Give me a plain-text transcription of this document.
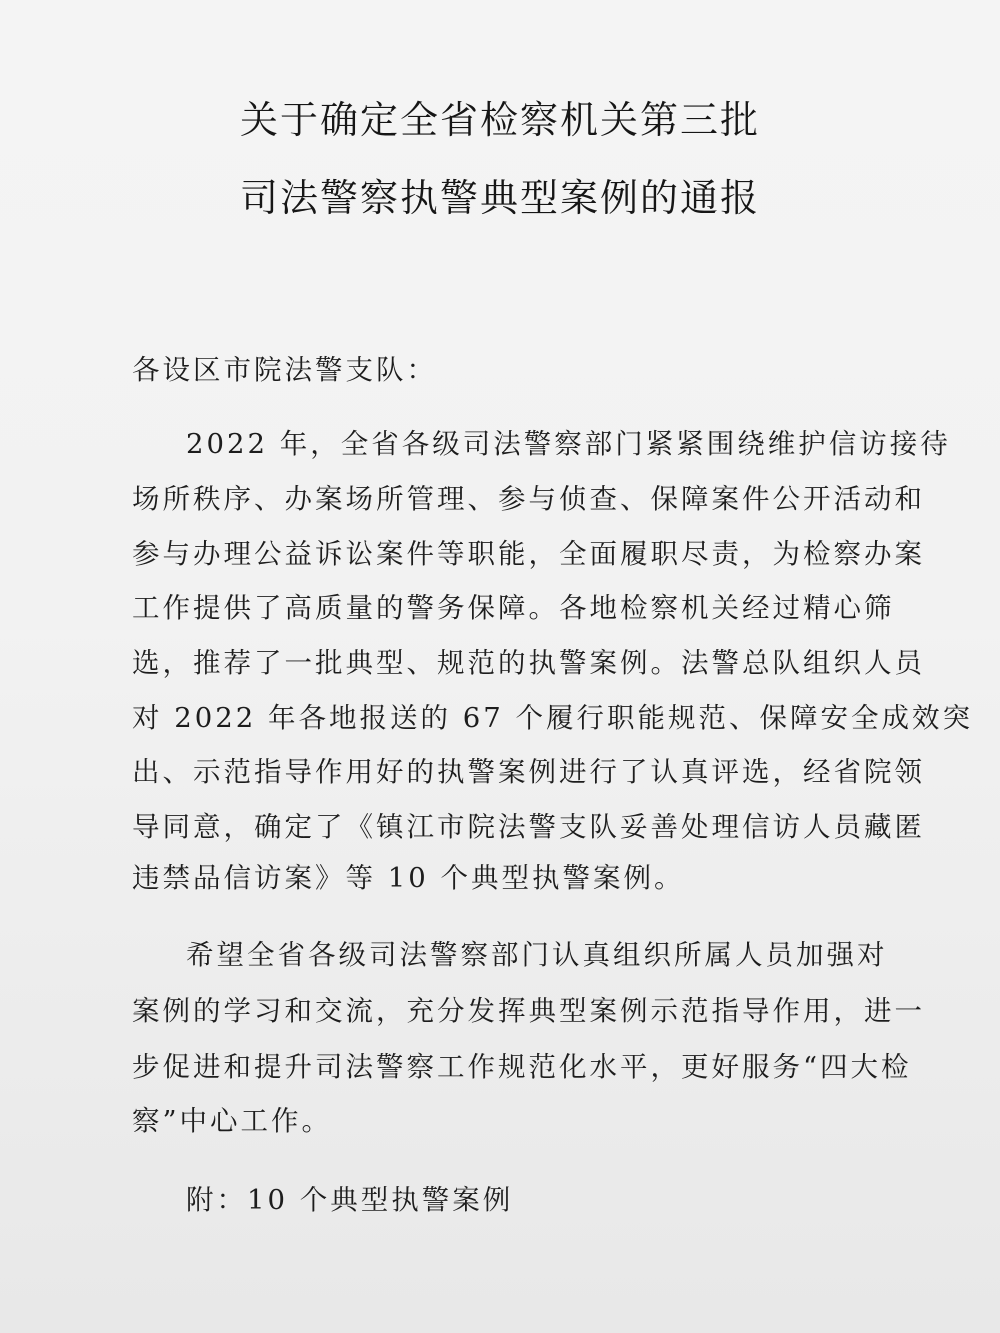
关于确定全省检察机关第三批
司法警察执警典型案例的通报
各设区市院法警支队：
2022 年，全省各级司法警察部门紧紧围绕维护信访接待
场所秩序、办案场所管理、参与侦查、保障案件公开活动和
参与办理公益诉讼案件等职能，全面履职尽责，为检察办案
工作提供了高质量的警务保障。各地检察机关经过精心筛
选，推荐了一批典型、规范的执警案例。法警总队组织人员
对 2022 年各地报送的 67 个履行职能规范、保障安全成效突
出、示范指导作用好的执警案例进行了认真评选，经省院领
导同意，确定了《镇江市院法警支队妥善处理信访人员藏匿
违禁品信访案》等 10 个典型执警案例。
希望全省各级司法警察部门认真组织所属人员加强对
案例的学习和交流，充分发挥典型案例示范指导作用，进一
步促进和提升司法警察工作规范化水平，更好服务“四大检
察”中心工作。
附：10 个典型执警案例
